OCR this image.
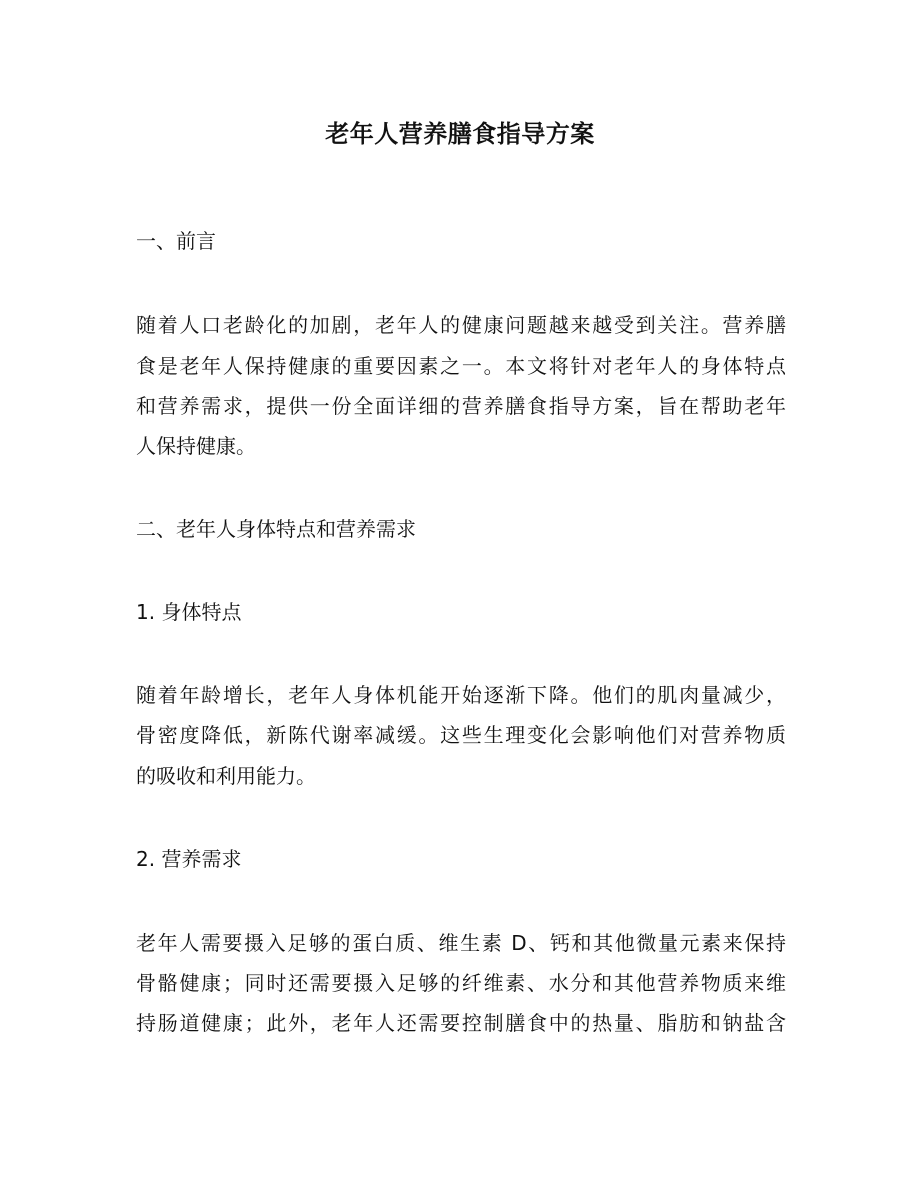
老年人营养膳食指导方案
一、前言
随着人口老龄化的加剧，老年人的健康问题越来越受到关注。营养膳
食是老年人保持健康的重要因素之一。本文将针对老年人的身体特点
和营养需求，提供一份全面详细的营养膳食指导方案，旨在帮助老年
人保持健康。
二、老年人身体特点和营养需求
1. 身体特点
随着年龄增长，老年人身体机能开始逐渐下降。他们的肌肉量减少，
骨密度降低，新陈代谢率减缓。这些生理变化会影响他们对营养物质
的吸收和利用能力。
2. 营养需求
老年人需要摄入足够的蛋白质、维生素 D、钙和其他微量元素来保持
骨骼健康；同时还需要摄入足够的纤维素、水分和其他营养物质来维
持肠道健康；此外，老年人还需要控制膳食中的热量、脂肪和钠盐含
